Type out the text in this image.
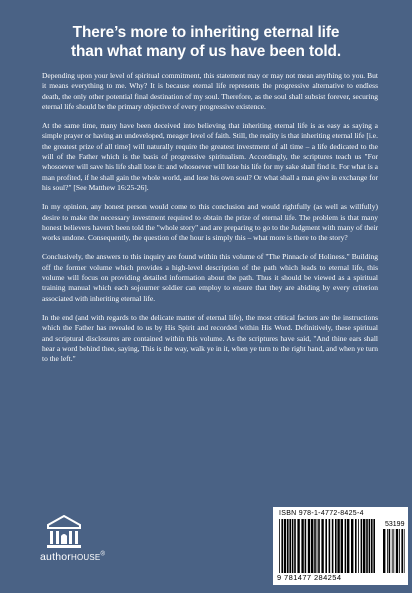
There’s more to inheriting eternal life
than what many of us have been told.

Depending upon your level of spiritual commitment, this statement may or may not mean anything to you. But it means everything to me. Why? It is because eternal life represents the progressive alternative to endless death, the only other potential final destination of my soul. Therefore, as the soul shall subsist forever, securing eternal life should be the primary objective of every progressive existence.

At the same time, many have been deceived into believing that inheriting eternal life is as easy as saying a simple prayer or having an undeveloped, meager level of faith. Still, the reality is that inheriting eternal life [i.e. the greatest prize of all time] will naturally require the greatest investment of all time – a life dedicated to the will of the Father which is the basis of progressive spiritualism. Accordingly, the scriptures teach us "For whosoever will save his life shall lose it: and whosoever will lose his life for my sake shall find it. For what is a man profited, if he shall gain the whole world, and lose his own soul? Or what shall a man give in exchange for his soul?" [See Matthew 16:25-26].

In my opinion, any honest person would come to this conclusion and would rightfully (as well as willfully) desire to make the necessary investment required to obtain the prize of eternal life. The problem is that many honest believers haven't been told the "whole story" and are preparing to go to the Judgment with many of their works undone. Consequently, the question of the hour is simply this – what more is there to the story?

Conclusively, the answers to this inquiry are found within this volume of "The Pinnacle of Holiness." Building off the former volume which provides a high-level description of the path which leads to eternal life, this volume will focus on providing detailed information about the path. Thus it should be viewed as a spiritual training manual which each sojourner soldier can employ to ensure that they are abiding by every criterion associated with inheriting eternal life.

In the end (and with regards to the delicate matter of eternal life), the most critical factors are the instructions which the Father has revealed to us by His Spirit and recorded within His Word. Definitively, these spiritual and scriptural disclosures are contained within this volume. As the scriptures have said, "And thine ears shall hear a word behind thee, saying, This is the way, walk ye in it, when ye turn to the right hand, and when ye turn to the left."

authorHOUSE®
ISBN 978-1-4772-8425-4
53199
9 781477 284254
